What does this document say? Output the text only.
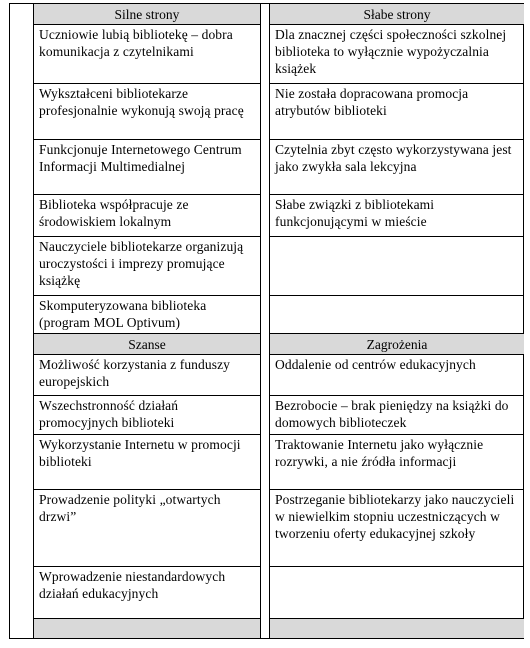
Silne strony
Uczniowie lubią bibliotekę – dobra komunikacja z czytelnikami
Wykształceni bibliotekarze profesjonalnie wykonują swoją pracę
Funkcjonuje Internetowego Centrum Informacji Multimedialnej
Biblioteka współpracuje ze środowiskiem lokalnym
Nauczyciele bibliotekarze organizują uroczystości i imprezy promujące książkę
Skomputeryzowana biblioteka (program MOL Optivum)
Szanse
Możliwość korzystania z funduszy europejskich
Wszechstronność działań promocyjnych biblioteki
Wykorzystanie Internetu w promocji biblioteki
Prowadzenie polityki „otwartych drzwi”
Wprowadzenie niestandardowych działań edukacyjnych
Słabe strony
Dla znacznej części społeczności szkolnej biblioteka to wyłącznie wypożyczalnia książek
Nie została dopracowana promocja atrybutów biblioteki
Czytelnia zbyt często wykorzystywana jest jako zwykła sala lekcyjna
Słabe związki z bibliotekami funkcjonującymi w mieście
Zagrożenia
Oddalenie od centrów edukacyjnych
Bezrobocie – brak pieniędzy na książki do domowych biblioteczek
Traktowanie Internetu jako wyłącznie rozrywki, a nie źródła informacji
Postrzeganie bibliotekarzy jako nauczycieli w niewielkim stopniu uczestniczących w tworzeniu oferty edukacyjnej szkoły
